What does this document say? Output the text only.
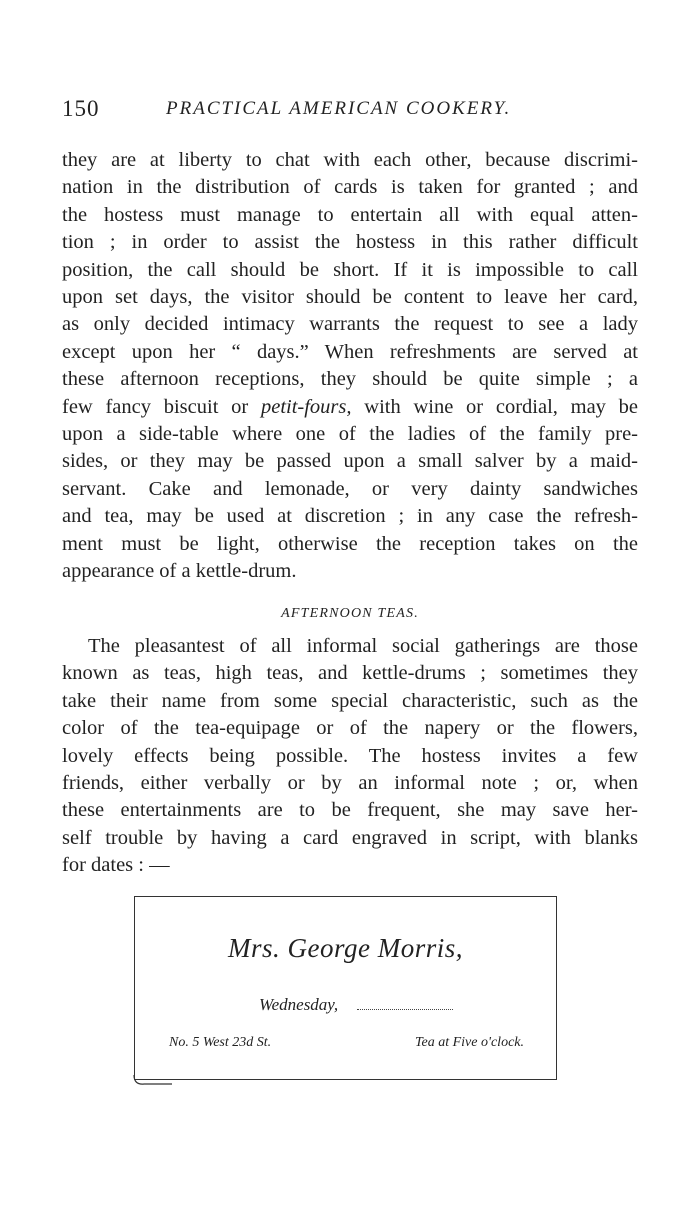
150	PRACTICAL AMERICAN COOKERY.

they are at liberty to chat with each other, because discrimi-
nation in the distribution of cards is taken for granted ; and
the hostess must manage to entertain all with equal atten-
tion ; in order to assist the hostess in this rather difficult
position, the call should be short. If it is impossible to call
upon set days, the visitor should be content to leave her card,
as only decided intimacy warrants the request to see a lady
except upon her “ days.” When refreshments are served at
these afternoon receptions, they should be quite simple ; a
few fancy biscuit or petit-fours, with wine or cordial, may be
upon a side-table where one of the ladies of the family pre-
sides, or they may be passed upon a small salver by a maid-
servant. Cake and lemonade, or very dainty sandwiches
and tea, may be used at discretion ; in any case the refresh-
ment must be light, otherwise the reception takes on the
appearance of a kettle-drum.

AFTERNOON TEAS.

The pleasantest of all informal social gatherings are those
known as teas, high teas, and kettle-drums ; sometimes they
take their name from some special characteristic, such as the
color of the tea-equipage or of the napery or the flowers,
lovely effects being possible. The hostess invites a few
friends, either verbally or by an informal note ; or, when
these entertainments are to be frequent, she may save her-
self trouble by having a card engraved in script, with blanks
for dates : —

Mrs. George Morris,
Wednesday,
No. 5 West 23d St.	Tea at Five o'clock.
